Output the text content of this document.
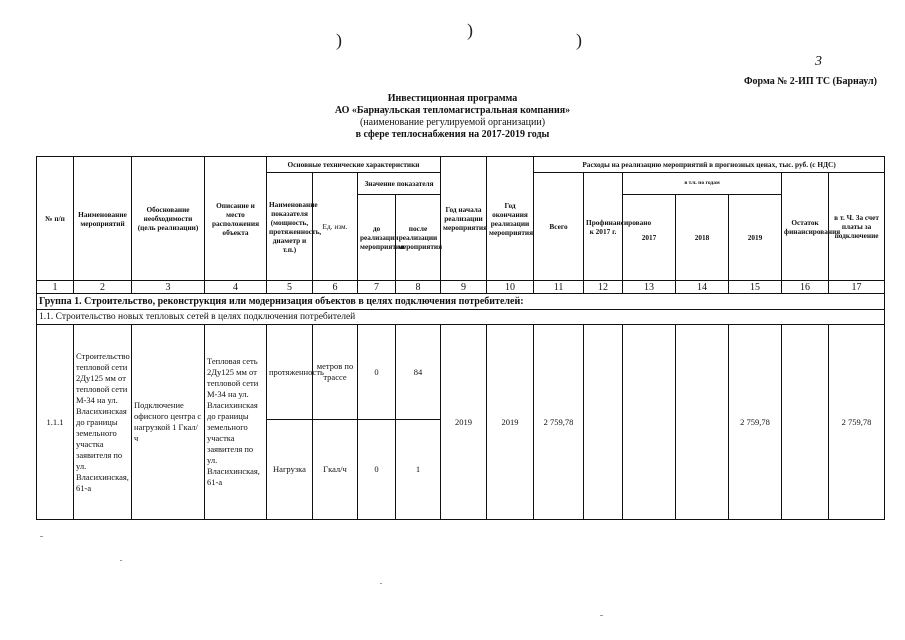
)	)	)
3
Форма № 2-ИП ТС (Барнаул)
Инвестиционная программа
АО «Барнаульская тепломагистральная компания»
(наименование регулируемой организации)
в сфере теплоснабжения на 2017-2019 годы
№ п/п	Наименование мероприятий	Обоснование необходимости (цель реализации)	Описание и место расположения объекта	Основные технические характеристики				Год начала реализации мероприятия	Год окончания реализации мероприятия	Расходы на реализацию мероприятий в прогнозных ценах, тыс. руб. (с НДС)						
				Наименование показателя (мощность, протяженность, диаметр и т.п.)	Ед. изм.	Значение показателя				Всего	Профинансировано к 2017 г.	в т.ч. по годам			Остаток финансирования	в т. Ч. За счет платы за подключение
						до реализации мероприятия	после реализации мероприятия					2017	2018	2019		
1	2	3	4	5	6	7	8	9	10	11	12	13	14	15	16	17
Группа 1. Строительство, реконструкция или модернизация объектов в целях подключения потребителей:																
1.1. Строительство новых тепловых сетей в целях подключения потребителей																
1.1.1	Строительство тепловой сети 2Ду125 мм от тепловой сети М-34 на ул. Власихинская до границы земельного участка заявителя по ул. Власихинская, 61-а	Подключение офисного центра с нагрузкой 1 Гкал/ч	Тепловая сеть 2Ду125 мм от тепловой сети М-34 на ул. Власихинская до границы земельного участка заявителя по ул. Власихинская, 61-а	протяженность	метров по трассе	0	84	2019	2019	2 759,78				2 759,78		2 759,78
				Нагрузка	Гкал/ч	0	1									
